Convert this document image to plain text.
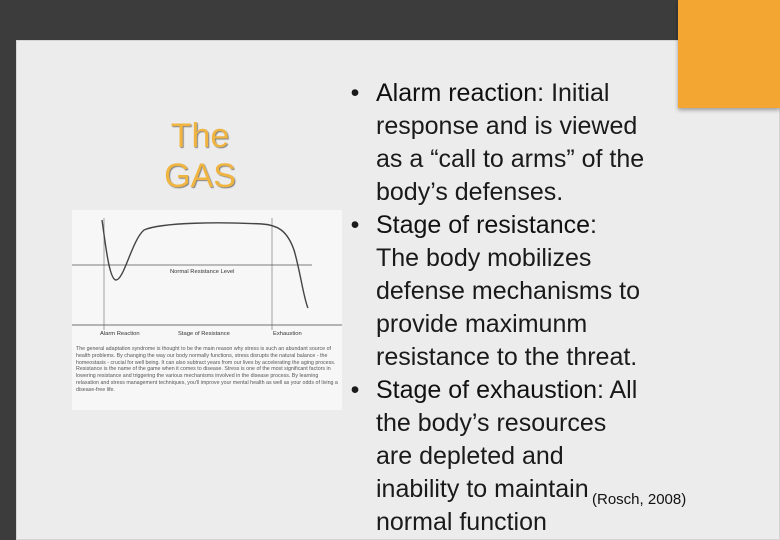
The
GAS
Normal Resistance Level
Alarm Reaction	Stage of Resistance	Exhaustion
The general adaptation syndrome is thought to be the main reason why stress is such an abundant source of health problems. By changing the way our body normally functions, stress disrupts the natural balance - the homeostasis - crucial for well being. It can also subtract years from our lives by accelerating the aging process. Resistance is the name of the game when it comes to disease. Stress is one of the most significant factors in lowering resistance and triggering the various mechanisms involved in the disease process. By learning relaxation and stress management techniques, you'll improve your mental health as well as your odds of living a disease-free life.
• Alarm reaction: Initial
response and is viewed
as a “call to arms” of the
body’s defenses.
• Stage of resistance:
The body mobilizes
defense mechanisms to
provide maximunm
resistance to the threat.
• Stage of exhaustion: All
the body’s resources
are depleted and
inability to maintain
normal function
(Rosch, 2008)
